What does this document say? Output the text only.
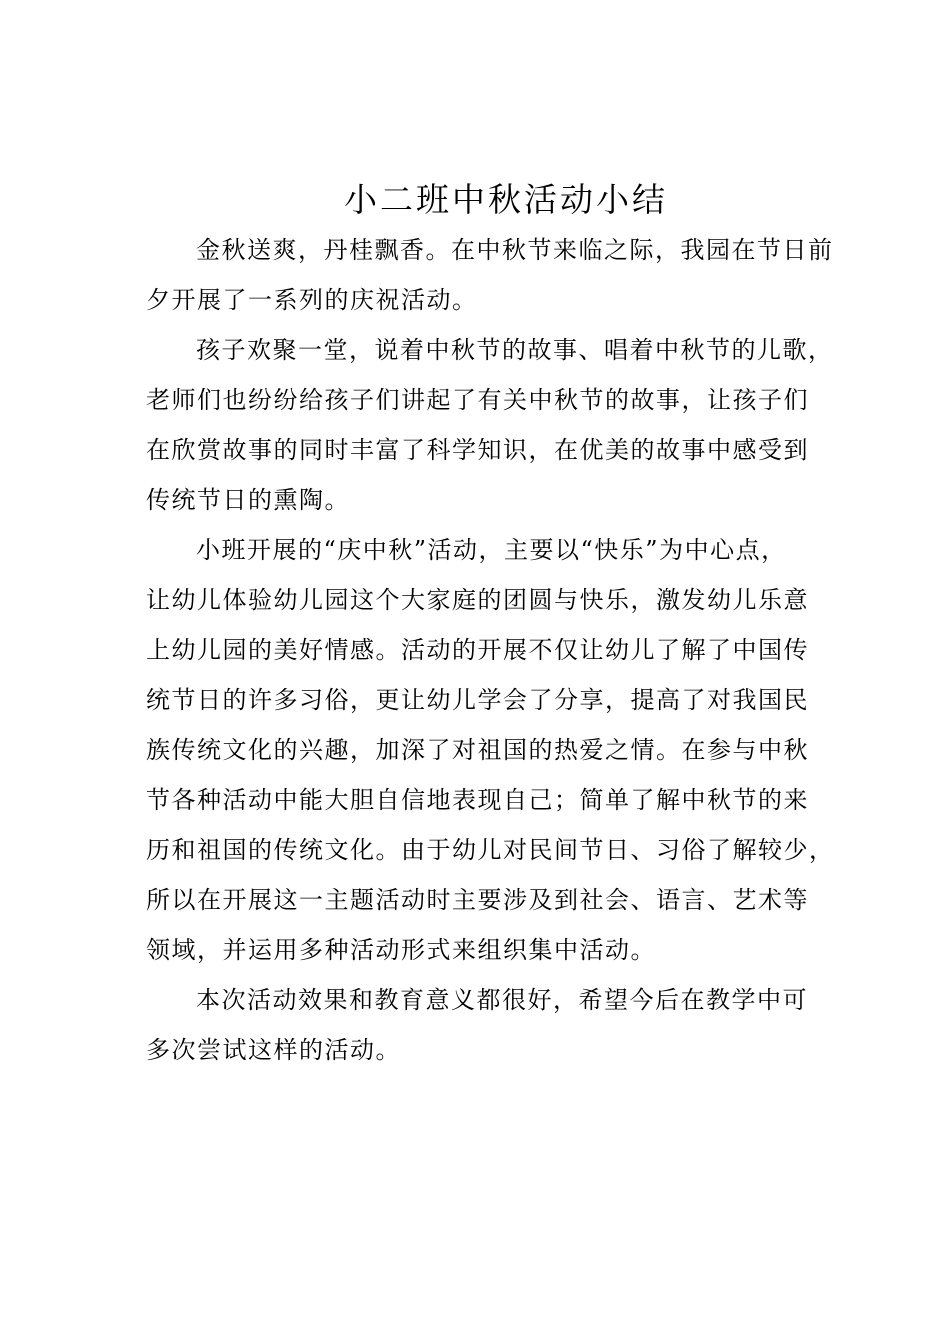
小二班中秋活动小结
金秋送爽，丹桂飘香。在中秋节来临之际，我园在节日前
夕开展了一系列的庆祝活动。
孩子欢聚一堂，说着中秋节的故事、唱着中秋节的儿歌，
老师们也纷纷给孩子们讲起了有关中秋节的故事，让孩子们
在欣赏故事的同时丰富了科学知识，在优美的故事中感受到
传统节日的熏陶。
小班开展的“庆中秋”活动，主要以“快乐”为中心点，
让幼儿体验幼儿园这个大家庭的团圆与快乐，激发幼儿乐意
上幼儿园的美好情感。活动的开展不仅让幼儿了解了中国传
统节日的许多习俗，更让幼儿学会了分享，提高了对我国民
族传统文化的兴趣，加深了对祖国的热爱之情。在参与中秋
节各种活动中能大胆自信地表现自己；简单了解中秋节的来
历和祖国的传统文化。由于幼儿对民间节日、习俗了解较少，
所以在开展这一主题活动时主要涉及到社会、语言、艺术等
领域，并运用多种活动形式来组织集中活动。
本次活动效果和教育意义都很好，希望今后在教学中可
多次尝试这样的活动。
